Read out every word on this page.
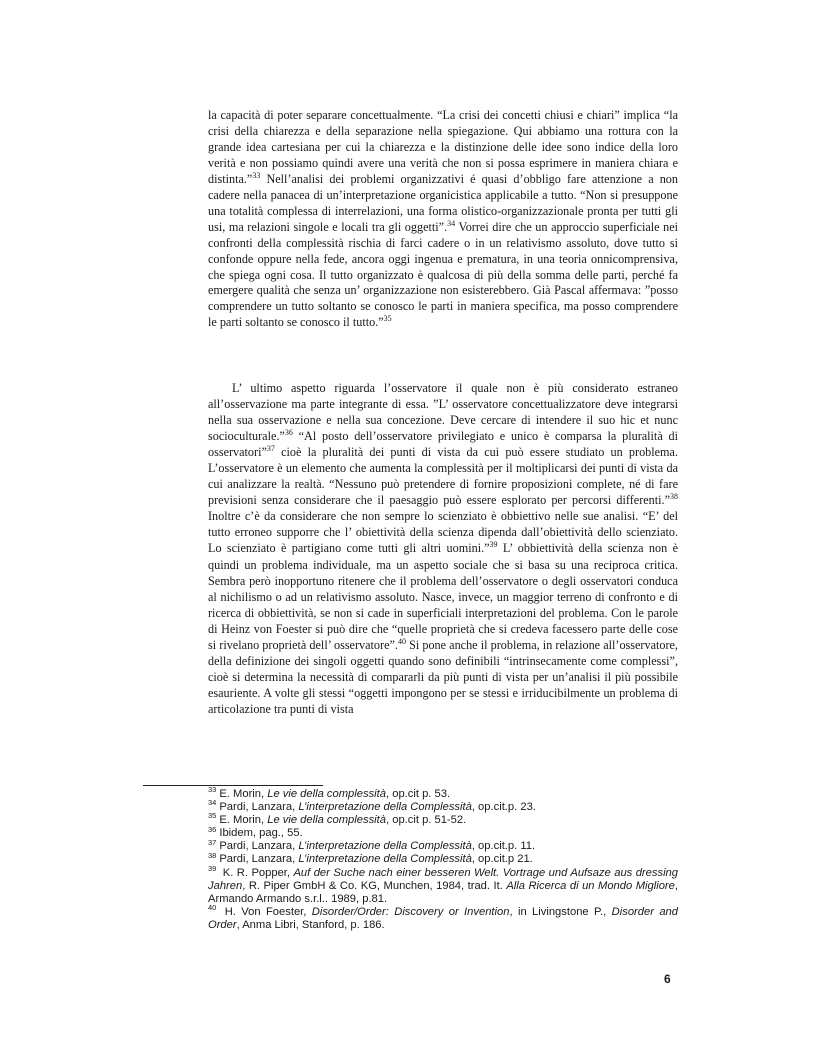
la capacità di poter separare concettualmente. “La crisi dei concetti chiusi e chiari” implica “la crisi della chiarezza e della separazione nella spiegazione. Qui abbiamo una rottura con la grande idea cartesiana per cui la chiarezza e la distinzione delle idee sono indice della loro verità e non possiamo quindi avere una verità che non si possa esprimere in maniera chiara e distinta.”$^{33}$ Nell’analisi dei problemi organizzativi é quasi d’obbligo fare attenzione a non cadere nella panacea di un’interpretazione organicistica applicabile a tutto. “Non si presuppone una totalità complessa di interrelazioni, una forma olistico-organizzazionale pronta per tutti gli usi, ma relazioni singole e locali tra gli oggetti”.$^{34}$ Vorrei dire che un approccio superficiale nei confronti della complessità rischia di farci cadere o in un relativismo assoluto, dove tutto si confonde oppure nella fede, ancora oggi ingenua e prematura, in una teoria onnicomprensiva, che spiega ogni cosa. Il tutto organizzato è qualcosa di più della somma delle parti, perché fa emergere qualità che senza un’ organizzazione non esisterebbero. Già Pascal affermava: ”posso comprendere un tutto soltanto se conosco le parti in maniera specifica, ma posso comprendere le parti soltanto se conosco il tutto.”$^{35}$

L’ ultimo aspetto riguarda l’osservatore il quale non è più considerato estraneo all’osservazione ma parte integrante di essa. ”L’ osservatore concettualizzatore deve integrarsi nella sua osservazione e nella sua concezione. Deve cercare di intendere il suo hic et nunc socioculturale.”$^{36}$ “Al posto dell’osservatore privilegiato e unico è comparsa la pluralità di osservatori”$^{37}$ cioè la pluralità dei punti di vista da cui può essere studiato un problema. L’osservatore è un elemento che aumenta la complessità per il moltiplicarsi dei punti di vista da cui analizzare la realtà. “Nessuno può pretendere di fornire proposizioni complete, né di fare previsioni senza considerare che il paesaggio può essere esplorato per percorsi differenti.”$^{38}$ Inoltre c’è da considerare che non sempre lo scienziato è obbiettivo nelle sue analisi. “E’ del tutto erroneo supporre che l’ obiettività della scienza dipenda dall’obiettività dello scienziato. Lo scienziato è partigiano come tutti gli altri uomini.”$^{39}$ L’ obbiettività della scienza non è quindi un problema individuale, ma un aspetto sociale che si basa su una reciproca critica. Sembra però inopportuno ritenere che il problema dell’osservatore o degli osservatori conduca al nichilismo o ad un relativismo assoluto. Nasce, invece, un maggior terreno di confronto e di ricerca di obbiettività, se non si cade in superficiali interpretazioni del problema. Con le parole di Heinz von Foester si può dire che “quelle proprietà che si credeva facessero parte delle cose si rivelano proprietà dell’ osservatore”.$^{40}$ Si pone anche il problema, in relazione all’osservatore, della definizione dei singoli oggetti quando sono definibili “intrinsecamente come complessi”, cioè si determina la necessità di compararli da più punti di vista per un’analisi il più possibile esauriente. A volte gli stessi “oggetti impongono per se stessi e irriducibilmente un problema di articolazione tra punti di vista

$^{33}$ E. Morin, Le vie della complessità, op.cit p. 53.
$^{34}$ Pardi, Lanzara, L’interpretazione della Complessità, op.cit.p. 23.
$^{35}$ E. Morin, Le vie della complessità, op.cit p. 51-52.
$^{36}$ Ibidem, pag., 55.
$^{37}$ Pardi, Lanzara, L’interpretazione della Complessità, op.cit.p. 11.
$^{38}$ Pardi, Lanzara, L’interpretazione della Complessità, op.cit.p 21.
$^{39}$ K. R. Popper, Auf der Suche nach einer besseren Welt. Vortrage und Aufsaze aus dressing Jahren, R. Piper GmbH & Co. KG, Munchen, 1984, trad. It. Alla Ricerca di un Mondo Migliore, Armando Armando s.r.l.. 1989, p.81.
$^{40}$ H. Von Foester, Disorder/Order: Discovery or Invention, in Livingstone P., Disorder and Order, Anma Libri, Stanford, p. 186.
6
